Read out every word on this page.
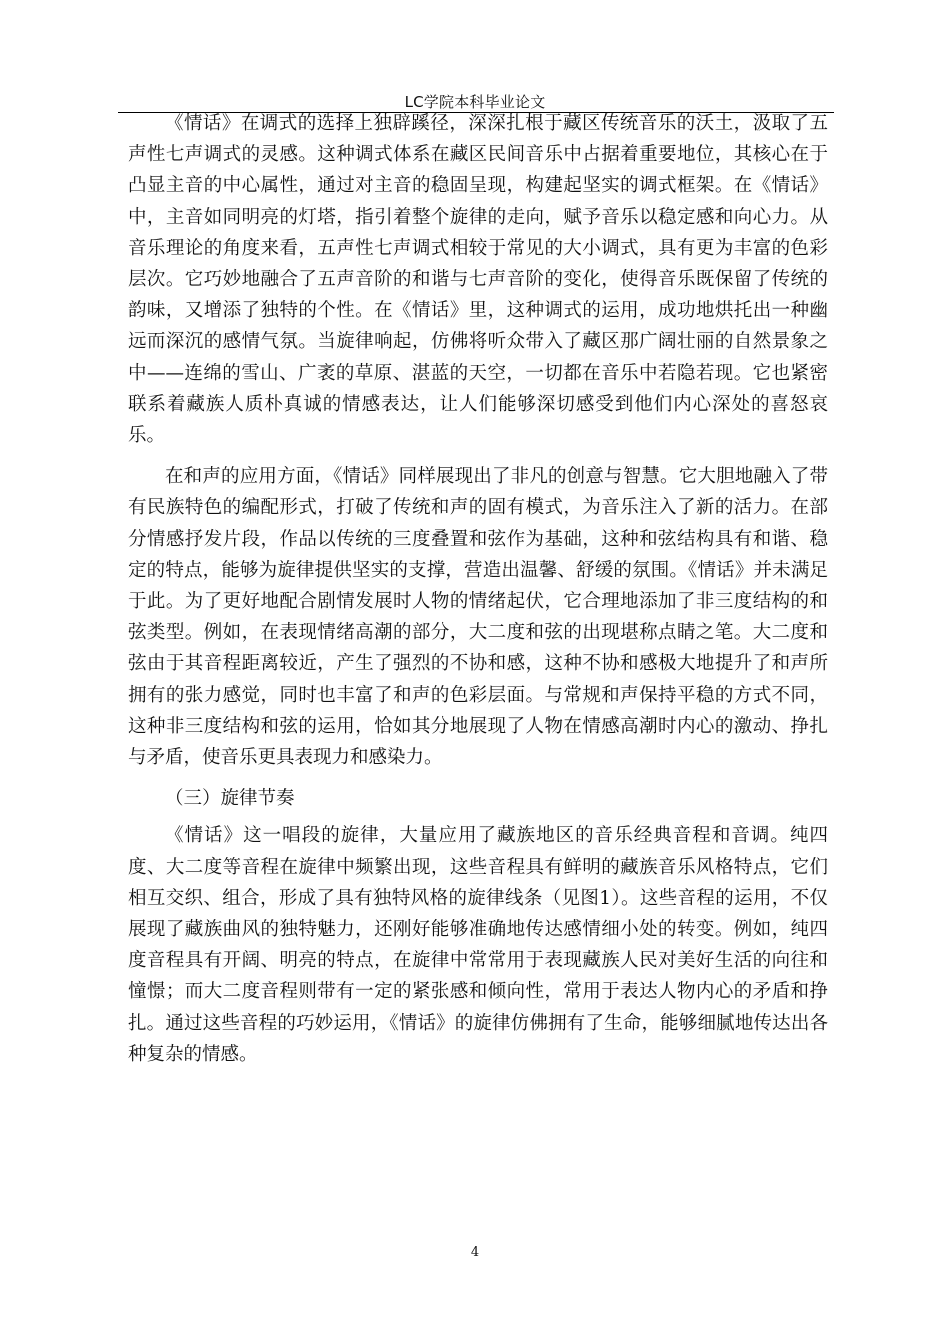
LC学院本科毕业论文

《情话》在调式的选择上独辟蹊径，深深扎根于藏区传统音乐的沃土，汲取了五声性七声调式的灵感。这种调式体系在藏区民间音乐中占据着重要地位，其核心在于凸显主音的中心属性，通过对主音的稳固呈现，构建起坚实的调式框架。在《情话》中，主音如同明亮的灯塔，指引着整个旋律的走向，赋予音乐以稳定感和向心力。从音乐理论的角度来看，五声性七声调式相较于常见的大小调式，具有更为丰富的色彩层次。它巧妙地融合了五声音阶的和谐与七声音阶的变化，使得音乐既保留了传统的韵味，又增添了独特的个性。在《情话》里，这种调式的运用，成功地烘托出一种幽远而深沉的感情气氛。当旋律响起，仿佛将听众带入了藏区那广阔壮丽的自然景象之中——连绵的雪山、广袤的草原、湛蓝的天空，一切都在音乐中若隐若现。它也紧密联系着藏族人质朴真诚的情感表达，让人们能够深切感受到他们内心深处的喜怒哀乐。

在和声的应用方面，《情话》同样展现出了非凡的创意与智慧。它大胆地融入了带有民族特色的编配形式，打破了传统和声的固有模式，为音乐注入了新的活力。在部分情感抒发片段，作品以传统的三度叠置和弦作为基础，这种和弦结构具有和谐、稳定的特点，能够为旋律提供坚实的支撑，营造出温馨、舒缓的氛围。《情话》并未满足于此。为了更好地配合剧情发展时人物的情绪起伏，它合理地添加了非三度结构的和弦类型。例如，在表现情绪高潮的部分，大二度和弦的出现堪称点睛之笔。大二度和弦由于其音程距离较近，产生了强烈的不协和感，这种不协和感极大地提升了和声所拥有的张力感觉，同时也丰富了和声的色彩层面。与常规和声保持平稳的方式不同，这种非三度结构和弦的运用，恰如其分地展现了人物在情感高潮时内心的激动、挣扎与矛盾，使音乐更具表现力和感染力。

（三）旋律节奏

《情话》这一唱段的旋律，大量应用了藏族地区的音乐经典音程和音调。纯四度、大二度等音程在旋律中频繁出现，这些音程具有鲜明的藏族音乐风格特点，它们相互交织、组合，形成了具有独特风格的旋律线条（见图1）。这些音程的运用，不仅展现了藏族曲风的独特魅力，还刚好能够准确地传达感情细小处的转变。例如，纯四度音程具有开阔、明亮的特点，在旋律中常常用于表现藏族人民对美好生活的向往和憧憬；而大二度音程则带有一定的紧张感和倾向性，常用于表达人物内心的矛盾和挣扎。通过这些音程的巧妙运用，《情话》的旋律仿佛拥有了生命，能够细腻地传达出各种复杂的情感。

4
